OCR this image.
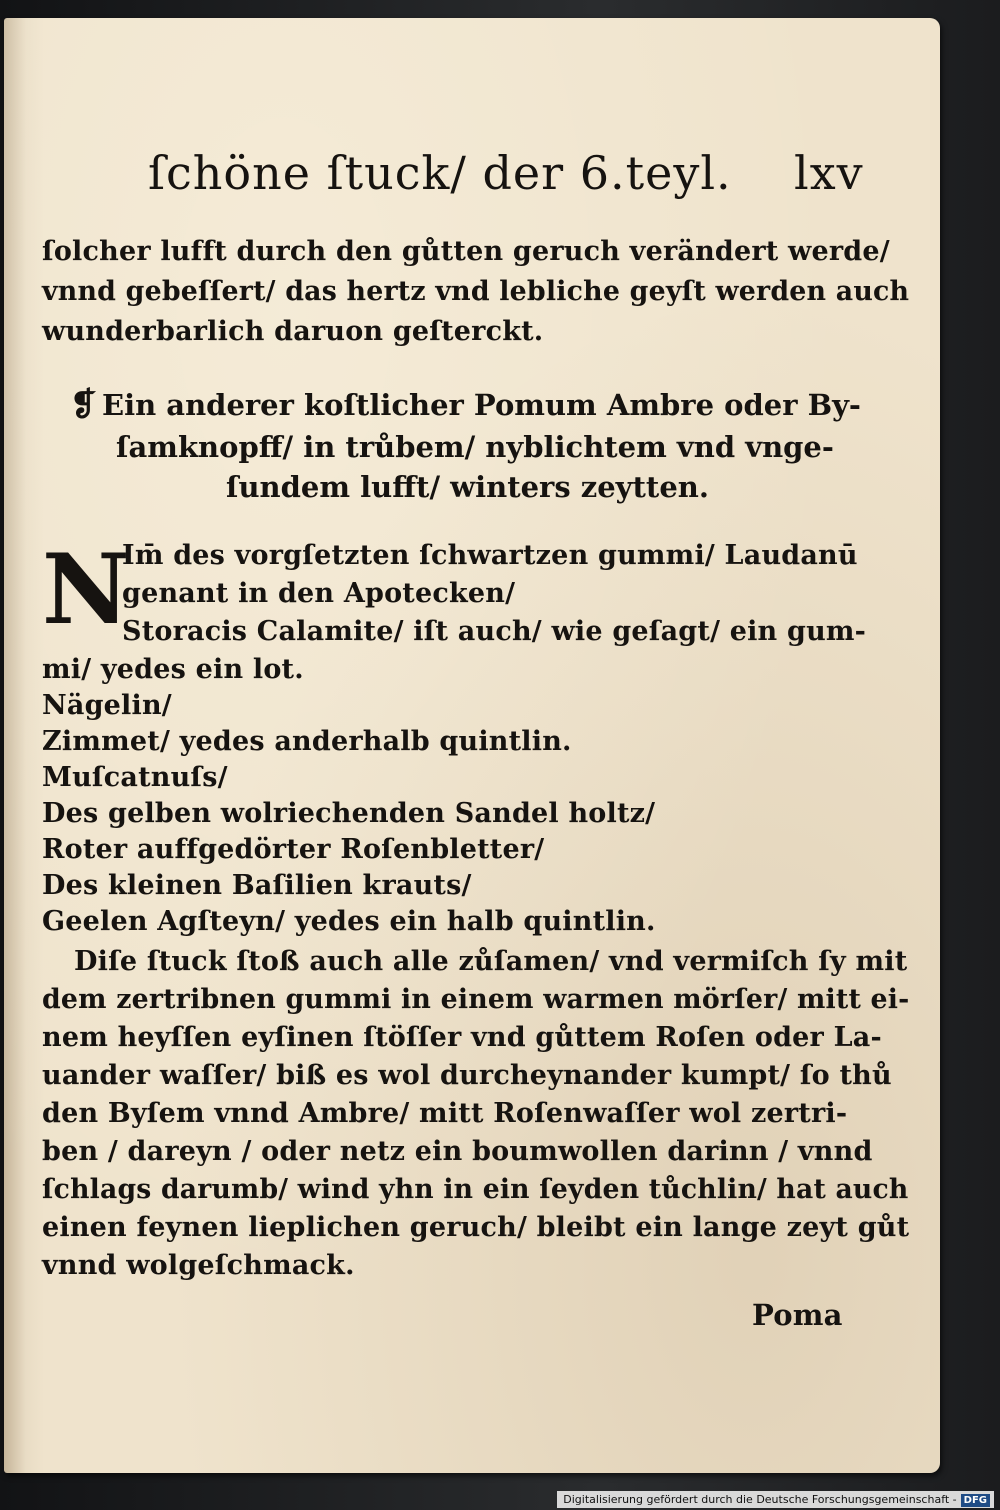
ſchöne ſtuck/ der 6.teyl. lxv
ſolcher lufft durch den gůtten geruch verändert werde/
vnnd gebeſſert/ das hertz vnd lebliche geyſt werden auch
wunderbarlich daruon geſterckt.
❡ Ein anderer koſtlicher Pomum Ambre oder By-
ſamknopff/ in trůbem/ nyblichtem vnd vnge-
ſundem lufft/ winters zeytten.
N
Im̄ des vorgſetzten ſchwartzen gummi/ Laudanū
genant in den Apotecken/
Storacis Calamite/ iſt auch/ wie geſagt/ ein gum-
mi/ yedes ein lot.
Nägelin/
Zimmet/ yedes anderhalb quintlin.
Muſcatnuſs/
Des gelben wolriechenden Sandel holtz/
Roter auffgedörter Roſenbletter/
Des kleinen Baſilien krauts/
Geelen Agſteyn/ yedes ein halb quintlin.
Diſe ſtuck ſtoß auch alle zůſamen/ vnd vermiſch ſy mit
dem zertribnen gummi in einem warmen mörſer/ mitt ei-
nem heyſſen eyſinen ſtöſſer vnd gůttem Roſen oder La-
uander waſſer/ biß es wol durcheynander kumpt/ ſo thů
den Byſem vnnd Ambre/ mitt Roſenwaſſer wol zertri-
ben / dareyn / oder netz ein boumwollen darinn / vnnd
ſchlags darumb/ wind yhn in ein ſeyden tůchlin/ hat auch
einen feynen lieplichen geruch/ bleibt ein lange zeyt gůt
vnnd wolgeſchmack.
Poma
Digitalisierung gefördert durch die Deutsche Forschungsgemeinschaft - DFG
